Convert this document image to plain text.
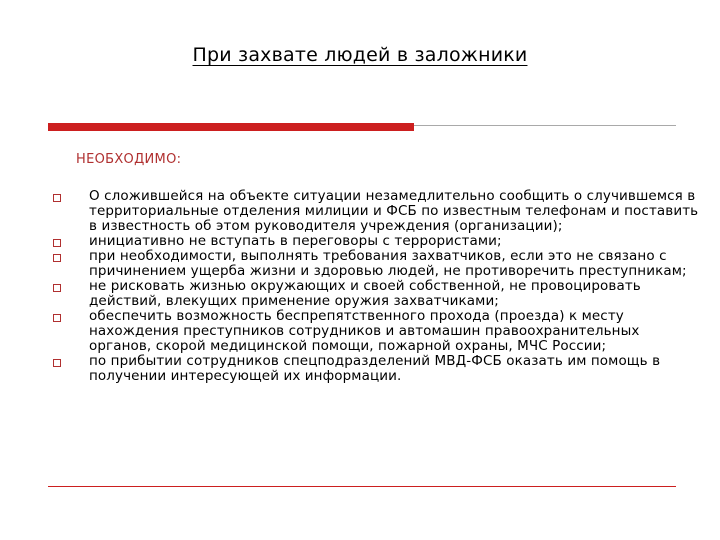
При захвате людей в заложники
НЕОБХОДИМО:
О сложившейся на объекте ситуации незамедлительно сообщить о случившемся в территориальные отделения милиции и ФСБ по известным телефонам и поставить в известность об этом руководителя учреждения (организации);
инициативно не вступать в переговоры с террористами;
при необходимости, выполнять требования захватчиков, если это не связано с причинением ущерба жизни и здоровью людей, не противоречить преступникам;
не рисковать жизнью окружающих и своей собственной, не провоцировать действий, влекущих применение оружия захватчиками;
обеспечить возможность беспрепятственного прохода (проезда) к месту нахождения преступников сотрудников и автомашин правоохранительных органов, скорой медицинской помощи, пожарной охраны, МЧС России;
по прибытии сотрудников спецподразделений МВД-ФСБ оказать им помощь в получении интересующей их информации.
